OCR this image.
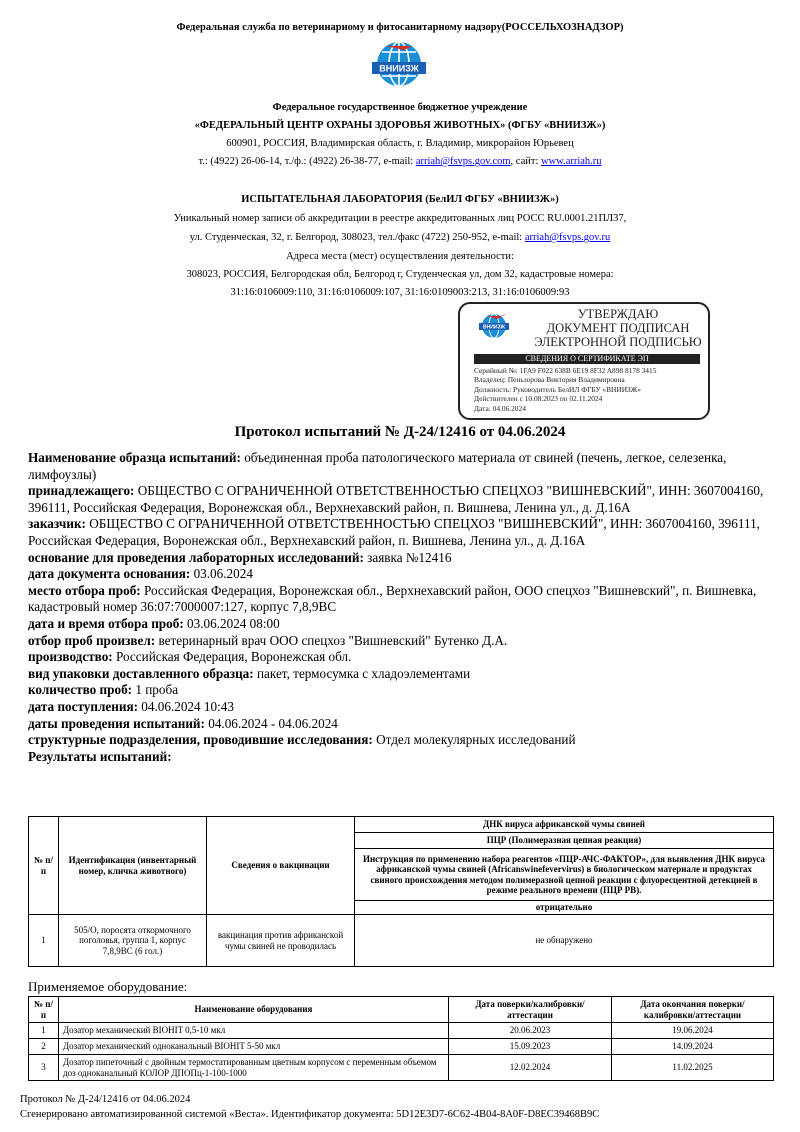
Федеральная служба по ветеринарному и фитосанитарному надзору(РОССЕЛЬХОЗНАДЗОР)
ВНИИЗЖ
Федеральное государственное бюджетное учреждение
«ФЕДЕРАЛЬНЫЙ ЦЕНТР ОХРАНЫ ЗДОРОВЬЯ ЖИВОТНЫХ» (ФГБУ «ВНИИЗЖ»)
600901, РОССИЯ, Владимирская область, г. Владимир, микрорайон Юрьевец
т.: (4922) 26-06-14, т./ф.: (4922) 26-38-77, e-mail: arriah@fsvps.gov.com, сайт: www.arriah.ru
ИСПЫТАТЕЛЬНАЯ ЛАБОРАТОРИЯ (БелИЛ ФГБУ «ВНИИЗЖ»)
Уникальный номер записи об аккредитации в реестре аккредитованных лиц РОСС RU.0001.21ПЛ37,
ул. Студенческая, 32, г. Белгород, 308023, тел./факс (4722) 250-952, e-mail: arriah@fsvps.gov.ru
Адреса места (мест) осуществления деятельности:
308023, РОССИЯ, Белгородская обл, Белгород г, Студенческая ул, дом 32, кадастровые номера:
31:16:0106009:110, 31:16:0106009:107, 31:16:0109003:213, 31:16:0106009:93
ВНИИЗЖ
УТВЕРЖДАЮ
ДОКУМЕНТ ПОДПИСАН
ЭЛЕКТРОННОЙ ПОДПИСЬЮ
СВЕДЕНИЯ О СЕРТИФИКАТЕ ЭП
Серийный №: 1FA9 F022 638B 6E19 8F32 A898 8178 3415
Владелец: Пеньзорова Виктория Владимировна
Должность: Руководитель БелИЛ ФГБУ «ВНИИЗЖ»
Действителен с 10.08.2023 по 02.11.2024
Дата: 04.06.2024
Протокол испытаний № Д-24/12416 от 04.06.2024

Наименование образца испытаний: объединенная проба патологического материала от свиней (печень, легкое, селезенка, лимфоузлы)

принадлежащего: ОБЩЕСТВО С ОГРАНИЧЕННОЙ ОТВЕТСТВЕННОСТЬЮ СПЕЦХОЗ "ВИШНЕВСКИЙ", ИНН: 3607004160, 396111, Российская Федерация, Воронежская обл., Верхнехавский район, п. Вишнева, Ленина ул., д. Д.16А

заказчик: ОБЩЕСТВО С ОГРАНИЧЕННОЙ ОТВЕТСТВЕННОСТЬЮ СПЕЦХОЗ "ВИШНЕВСКИЙ", ИНН: 3607004160, 396111, Российская Федерация, Воронежская обл., Верхнехавский район, п. Вишнева, Ленина ул., д. Д.16А

основание для проведения лабораторных исследований: заявка №12416

дата документа основания: 03.06.2024

место отбора проб: Российская Федерация, Воронежская обл., Верхнехавский район, ООО спецхоз "Вишневский", п. Вишневка, кадастровый номер 36:07:7000007:127, корпус 7,8,9ВС

дата и время отбора проб: 03.06.2024 08:00

отбор проб произвел: ветеринарный врач ООО спецхоз "Вишневский" Бутенко Д.А.

производство: Российская Федерация, Воронежская обл.

вид упаковки доставленного образца: пакет, термосумка с хладоэлементами

количество проб: 1 проба

дата поступления: 04.06.2024 10:43

даты проведения испытаний: 04.06.2024 - 04.06.2024

структурные подразделения, проводившие исследования: Отдел молекулярных исследований

Результаты испытаний:

№ п/п	Идентификация (инвентарный номер, кличка животного)	Сведения о вакцинации	ДНК вируса африканской чумы свиней
			ПЦР (Полимеразная цепная реакция)
			Инструкция по применению набора реагентов «ПЦР-АЧС-ФАКТОР», для выявления ДНК вируса африканской чумы свиней (Africanswinefevervirus) в биологическом материале и продуктах свиного происхождения методом полимеразной цепной реакции с флуоресцентной детекцией в режиме реального времени (ПЦР РВ).
			отрицательно
1	505/О, поросята откормочного поголовья, группа 1, корпус 7,8,9ВС (6 гол.)	вакцинация против африканской чумы свиней не проводилась	не обнаружено
Применяемое оборудование:
№ п/п	Наименование оборудования	Дата поверки/калибровки/аттестации	Дата окончания поверки/калибровки/аттестации
1	Дозатор механический BIOHIT 0,5-10 мкл	20.06.2023	19.06.2024
2	Дозатор механический одноканальный BIOHIT 5-50 мкл	15.09.2023	14.09.2024
3	Дозатор пипеточный с двойным термостатированным цветным корпусом с переменным объемом доз одноканальный КОЛОР ДПОПц-1-100-1000	12.02.2024	11.02.2025
Протокол № Д-24/12416 от 04.06.2024
Сгенерировано автоматизированной системой «Веста». Идентификатор документа: 5D12E3D7-6C62-4B04-8A0F-D8EC39468B9C
